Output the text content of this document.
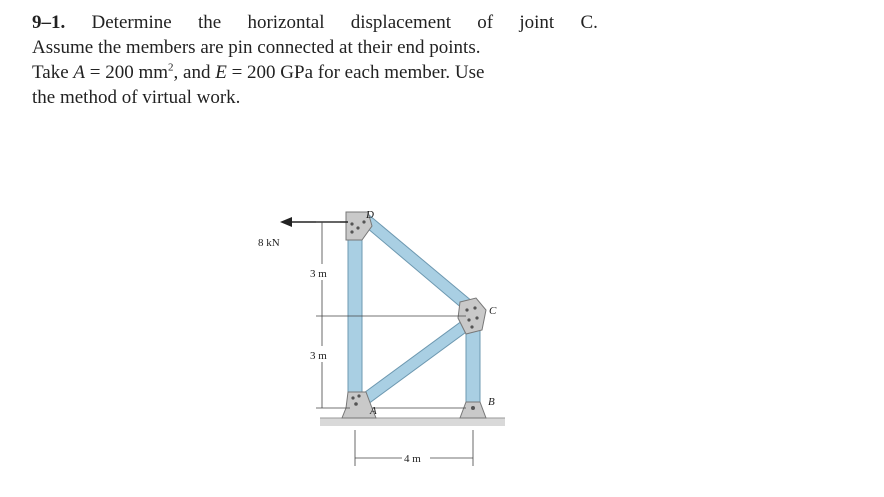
9–1. Determine the horizontal displacement of joint C.
Assume the members are pin connected at their end points.
Take A = 200 $mm^2$, and E = 200 GPa for each member. Use
the method of virtual work.
8 kN
3 m
3 m
4 m
D
C
B
A
